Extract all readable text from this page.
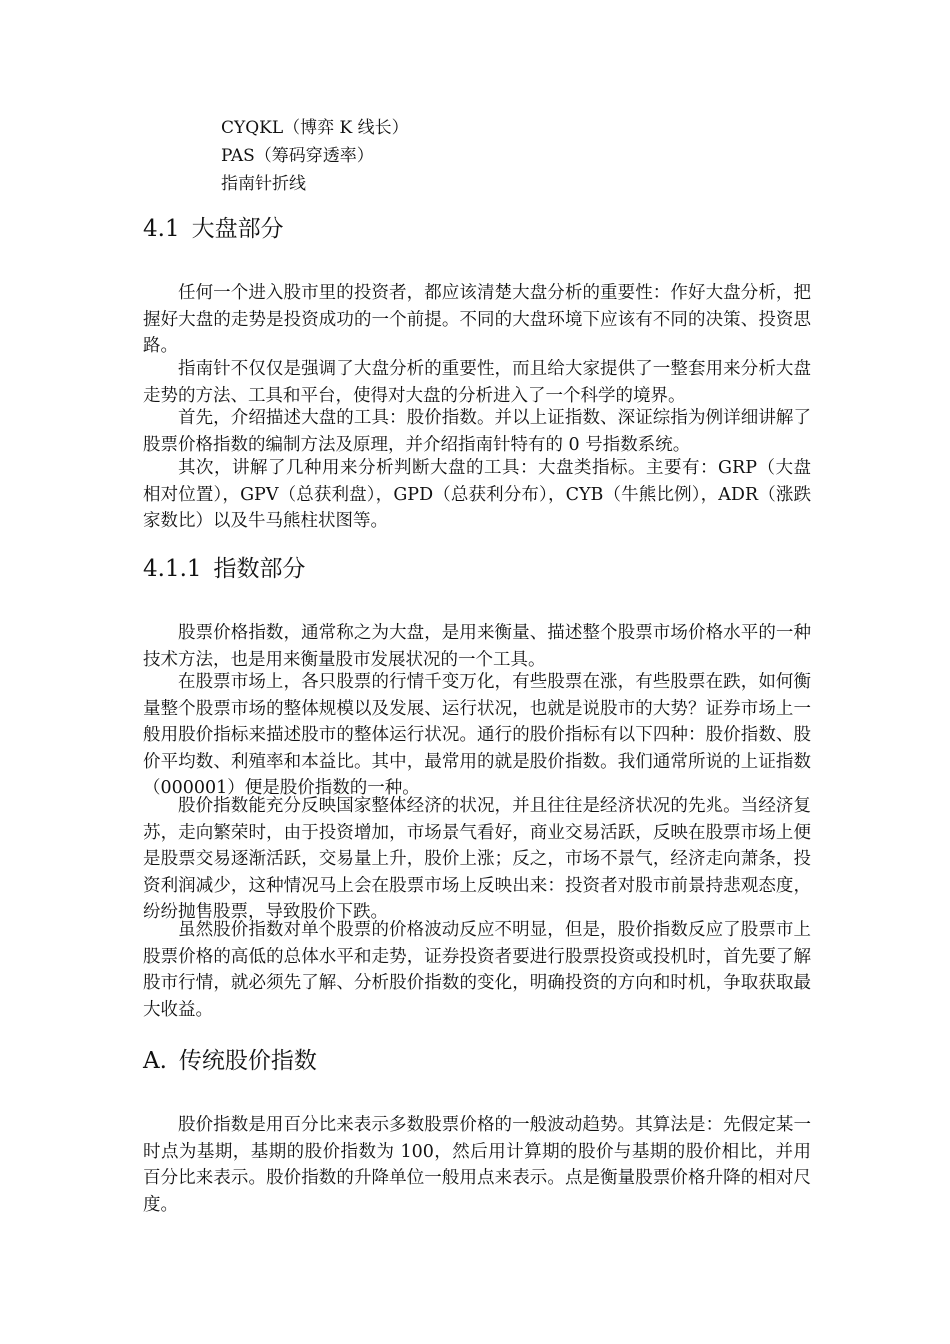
CYQKL（博弈 K 线长）
PAS（筹码穿透率）
指南针折线
4.1 大盘部分

任何一个进入股市里的投资者，都应该清楚大盘分析的重要性：作好大盘分析，把握好大盘的走势是投资成功的一个前提。不同的大盘环境下应该有不同的决策、投资思路。

指南针不仅仅是强调了大盘分析的重要性，而且给大家提供了一整套用来分析大盘走势的方法、工具和平台，使得对大盘的分析进入了一个科学的境界。

首先，介绍描述大盘的工具：股价指数。并以上证指数、深证综指为例详细讲解了股票价格指数的编制方法及原理，并介绍指南针特有的 0 号指数系统。

其次，讲解了几种用来分析判断大盘的工具：大盘类指标。主要有：GRP（大盘相对位置），GPV（总获利盘），GPD（总获利分布），CYB（牛熊比例），ADR（涨跌家数比）以及牛马熊柱状图等。

4.1.1 指数部分

股票价格指数，通常称之为大盘，是用来衡量、描述整个股票市场价格水平的一种技术方法，也是用来衡量股市发展状况的一个工具。

在股票市场上，各只股票的行情千变万化，有些股票在涨，有些股票在跌，如何衡量整个股票市场的整体规模以及发展、运行状况，也就是说股市的大势？证券市场上一般用股价指标来描述股市的整体运行状况。通行的股价指标有以下四种：股价指数、股价平均数、利殖率和本益比。其中，最常用的就是股价指数。我们通常所说的上证指数（000001）便是股价指数的一种。

股价指数能充分反映国家整体经济的状况，并且往往是经济状况的先兆。当经济复苏，走向繁荣时，由于投资增加，市场景气看好，商业交易活跃，反映在股票市场上便是股票交易逐渐活跃，交易量上升，股价上涨；反之，市场不景气，经济走向萧条，投资利润减少，这种情况马上会在股票市场上反映出来：投资者对股市前景持悲观态度，纷纷抛售股票，导致股价下跌。

虽然股价指数对单个股票的价格波动反应不明显，但是，股价指数反应了股票市上股票价格的高低的总体水平和走势，证券投资者要进行股票投资或投机时，首先要了解股市行情，就必须先了解、分析股价指数的变化，明确投资的方向和时机，争取获取最大收益。

A. 传统股价指数

股价指数是用百分比来表示多数股票价格的一般波动趋势。其算法是：先假定某一时点为基期，基期的股价指数为 100，然后用计算期的股价与基期的股价相比，并用百分比来表示。股价指数的升降单位一般用点来表示。点是衡量股票价格升降的相对尺度。
